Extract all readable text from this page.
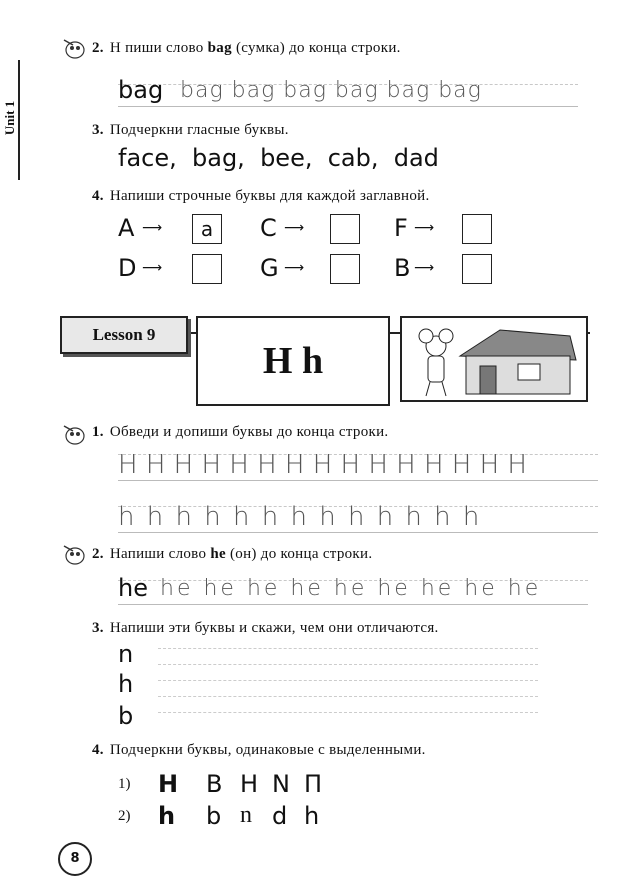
Unit 1
2. Н пиши слово bag (сумка) до конца строки.
bag bag bag bag bag bag bag
3. Подчеркни гласные буквы.
face,  bag,  bee,  cab,  dad
4. Напиши строчные буквы для каждой заглавной.
A ⟶	a	C ⟶	F ⟶
D ⟶	G ⟶	B ⟶
Lesson 9
H h
1. Обведи и допиши буквы до конца строки.
H H H H H H H H H H H H H H H
h h h h h h h h h h h h h
2. Напиши слово he (он) до конца строки.
he he he he he he he he he he
3. Напиши эти буквы и скажи, чем они отличаются.
n
h
b
4. Подчеркни буквы, одинаковые с выделенными.
1) H B H N П
2) h b n d h
8
